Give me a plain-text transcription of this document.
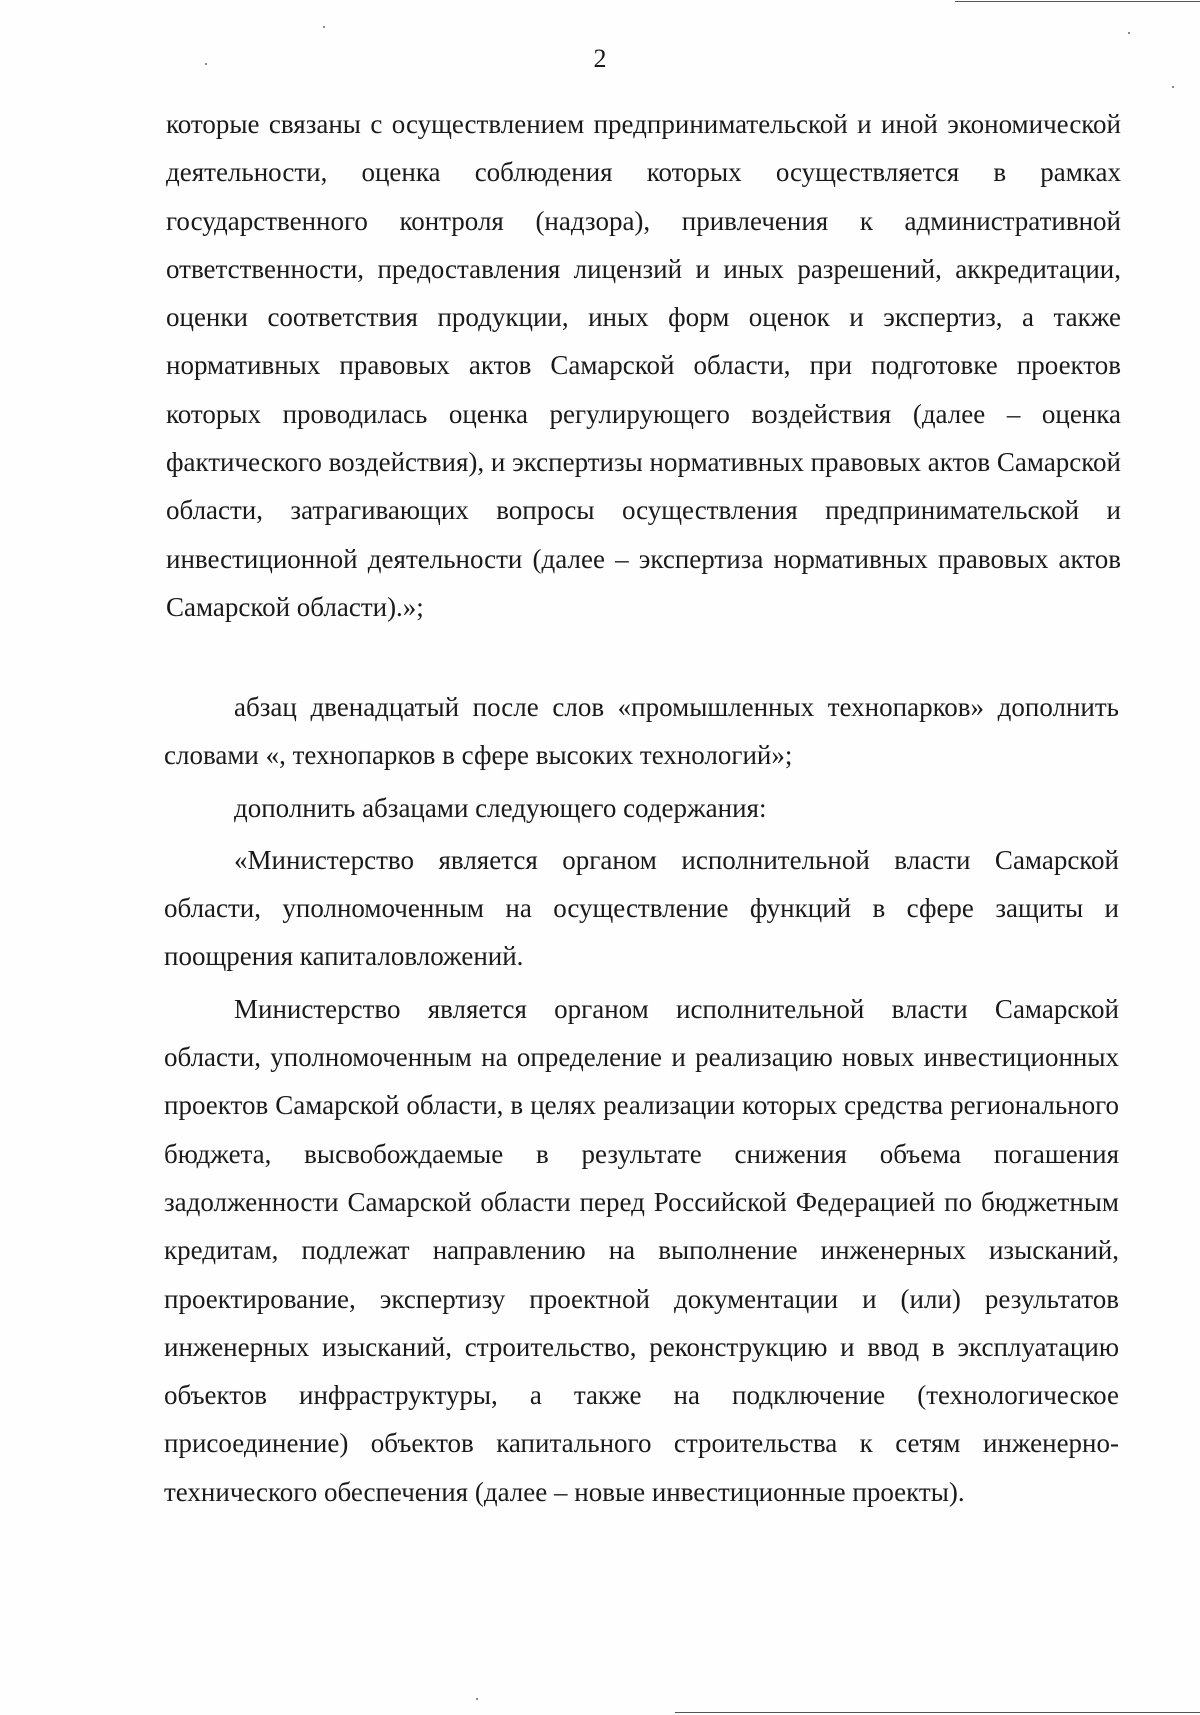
2

которые связаны с осуществлением предпринимательской и иной экономической деятельности, оценка соблюдения которых осуществляется в рамках государственного контроля (надзора), привлечения к административной ответственности, предоставления лицензий и иных разрешений, аккредитации, оценки соответствия продукции, иных форм оценок и экспертиз, а также нормативных правовых актов Самарской области, при подготовке проектов которых проводилась оценка регулирующего воздействия (далее – оценка фактического воздействия), и экспертизы нормативных правовых актов Самарской области, затрагивающих вопросы осуществления предпринимательской и инвестиционной деятельности (далее – экспертиза нормативных правовых актов Самарской области).»;

абзац двенадцатый после слов «промышленных технопарков» дополнить словами «, технопарков в сфере высоких технологий»;

дополнить абзацами следующего содержания:

«Министерство является органом исполнительной власти Самарской области, уполномоченным на осуществление функций в сфере защиты и поощрения капиталовложений.

Министерство является органом исполнительной власти Самарской области, уполномоченным на определение и реализацию новых инвестиционных проектов Самарской области, в целях реализации которых средства регионального бюджета, высвобождаемые в результате снижения объема погашения задолженности Самарской области перед Российской Федерацией по бюджетным кредитам, подлежат направлению на выполнение инженерных изысканий, проектирование, экспертизу проектной документации и (или) результатов инженерных изысканий, строительство, реконструкцию и ввод в эксплуатацию объектов инфраструктуры, а также на подключение (технологическое присоединение) объектов капитального строительства к сетям инженерно-технического обеспечения (далее – новые инвестиционные проекты).
